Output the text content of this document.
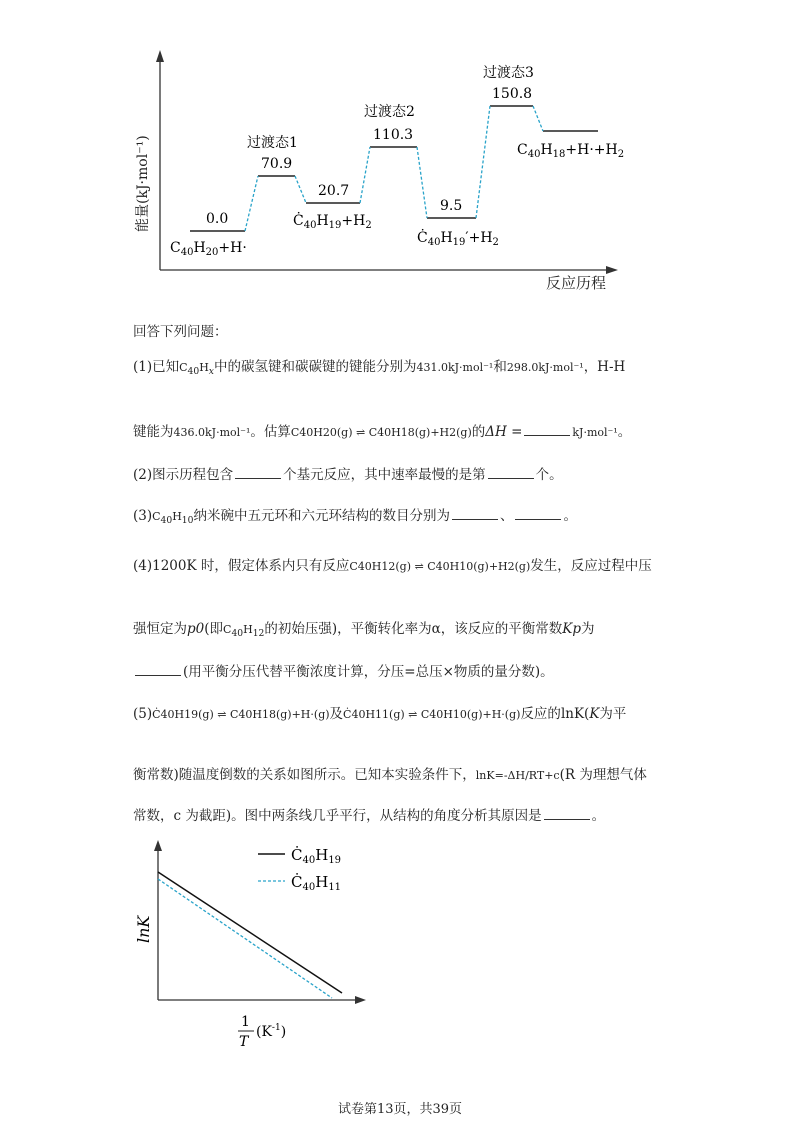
能量(kJ·mol⁻¹)
反应历程
0.0
70.9
20.7
110.3
9.5
150.8
过渡态1
过渡态2
过渡态3
$C_{40}H_{20}+H\cdot$
$Ċ_{40}H_{19}+H_2$
$Ċ_{40}H_{19}'+H_2$
$C_{40}H_{18}+H\cdot+H_2$
回答下列问题：
(1)已知$C_{40}H_x$中的碳氢键和碳碳键的键能分别为431.0kJ·mol⁻¹和298.0kJ·mol⁻¹，H-H
键能为436.0kJ·mol⁻¹。估算C40H20(g) ⇌ C40H18(g)+H2(g)的ΔH =	kJ·mol⁻¹。
(2)图示历程包含	个基元反应，其中速率最慢的是第	个。
$(3)C_{40}H_{10}$纳米碗中五元环和六元环结构的数目分别为	、	。
(4)1200K 时，假定体系内只有反应C40H12(g) ⇌ C40H10(g)+H2(g)发生，反应过程中压
强恒定为p0(即$C_{40}H_{12}$的初始压强)，平衡转化率为α，该反应的平衡常数Kp为
(用平衡分压代替平衡浓度计算，分压=总压×物质的量分数)。
(5)Ċ40H19(g) ⇌ C40H18(g)+H·(g)及Ċ40H11(g) ⇌ C40H10(g)+H·(g)反应的lnK(K为平
衡常数)随温度倒数的关系如图所示。已知本实验条件下，lnK=-ΔH/RT+c(R 为理想气体
常数，c 为截距)。图中两条线几乎平行，从结构的角度分析其原因是	。
lnK
1
T
$(K^{-1})$
$Ċ_{40}H_{19}$
$Ċ_{40}H_{11}$
试卷第13页，共39页
